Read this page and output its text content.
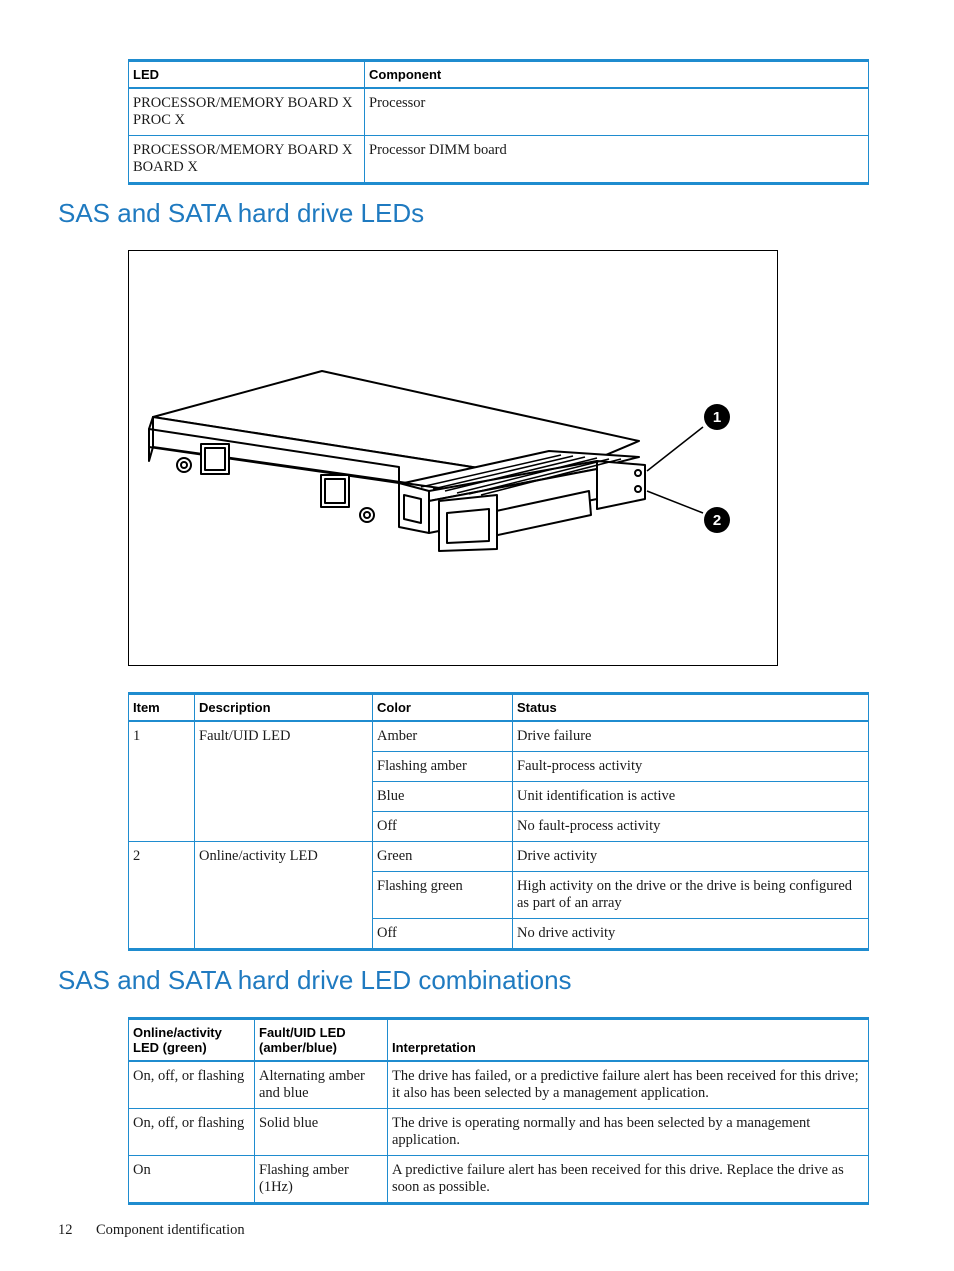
LED	Component
PROCESSOR/MEMORY BOARD X PROC X	Processor
PROCESSOR/MEMORY BOARD X BOARD X	Processor DIMM board
SAS and SATA hard drive LEDs
1
2
Item	Description	Color	Status
1	Fault/UID LED	Amber	Drive failure
		Flashing amber	Fault-process activity
		Blue	Unit identification is active
		Off	No fault-process activity
2	Online/activity LED	Green	Drive activity
		Flashing green	High activity on the drive or the drive is being configured as part of an array
		Off	No drive activity
SAS and SATA hard drive LED combinations
Online/activity LED (green)	Fault/UID LED (amber/blue)	Interpretation
On, off, or flashing	Alternating amber and blue	The drive has failed, or a predictive failure alert has been received for this drive; it also has been selected by a management application.
On, off, or flashing	Solid blue	The drive is operating normally and has been selected by a management application.
On	Flashing amber (1Hz)	A predictive failure alert has been received for this drive. Replace the drive as soon as possible.
12 Component identification
